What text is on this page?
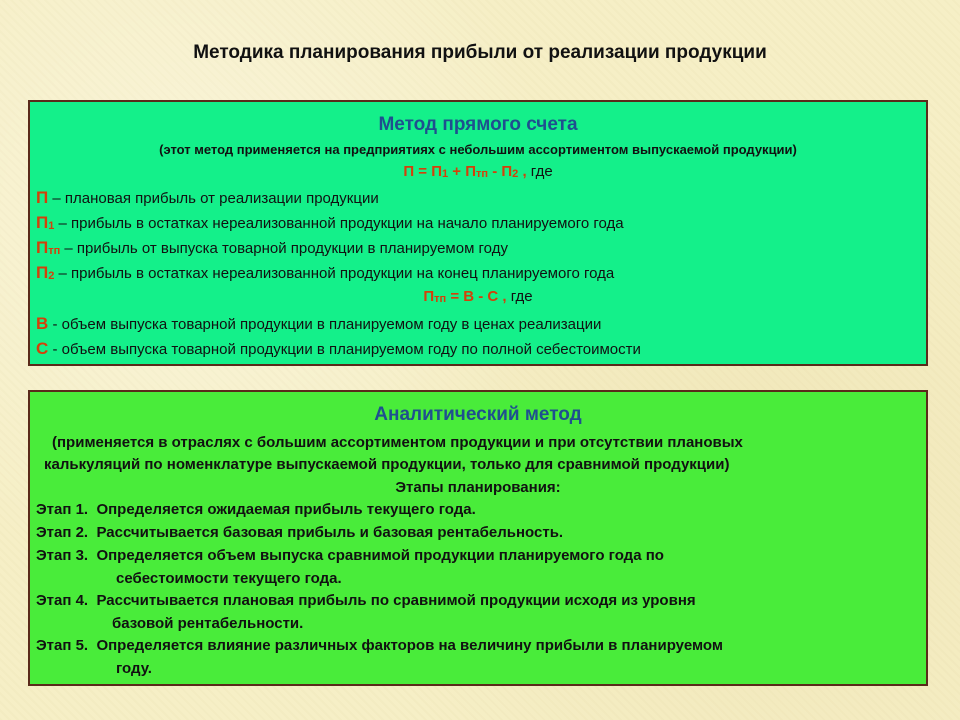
Методика планирования прибыли от реализации продукции
Метод прямого счета
(этот метод применяется на предприятиях с небольшим ассортиментом выпускаемой продукции)
$П = П_1 + П_{тп} - П_2$ , где
П – плановая прибыль от реализации продукции
$П_1$ – прибыль в остатках нереализованной продукции на начало планируемого года
$П_{тп}$ – прибыль от выпуска товарной продукции в планируемом году
$П_2$ – прибыль в остатках нереализованной продукции на конец планируемого года
$П_{тп} = В - С$ , где
В - объем выпуска товарной продукции в планируемом году в ценах реализации
С - объем выпуска товарной продукции в планируемом году по полной себестоимости
Аналитический метод
(применяется в отраслях с большим ассортиментом продукции и при отсутствии плановых
калькуляций по номенклатуре выпускаемой продукции, только для сравнимой продукции)
Этапы планирования:
Этап 1. Определяется ожидаемая прибыль текущего года.
Этап 2. Рассчитывается базовая прибыль и базовая рентабельность.
Этап 3. Определяется объем выпуска сравнимой продукции планируемого года по
себестоимости текущего года.
Этап 4. Рассчитывается плановая прибыль по сравнимой продукции исходя из уровня
базовой рентабельности.
Этап 5. Определяется влияние различных факторов на величину прибыли в планируемом
году.
